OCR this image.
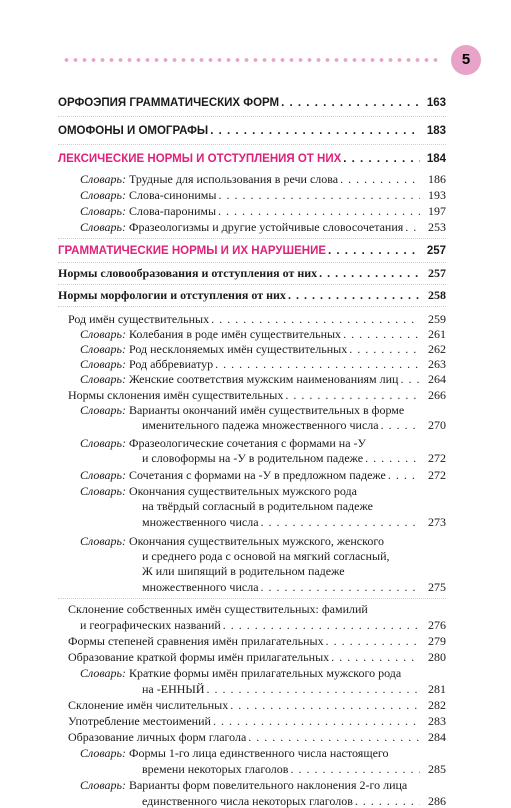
5
ОРФОЭПИЯ ГРАММАТИЧЕСКИХ ФОРМ . . .	163
ОМОФОНЫ И ОМОГРАФЫ . . .	183
ЛЕКСИЧЕСКИЕ НОРМЫ И ОТСТУПЛЕНИЯ ОТ НИХ . . .	184
Словарь:
Трудные для использования в речи слова . . .	186
Словарь:
Слова-синонимы . . .	193
Словарь:
Слова-паронимы . . .	197
Словарь:
Фразеологизмы и другие устойчивые словосочетания . . .	253
ГРАММАТИЧЕСКИЕ НОРМЫ И ИХ НАРУШЕНИЕ . . .	257
Нормы словообразования и отступления от них . . .	257
Нормы морфологии и отступления от них . . .	258
Род имён существительных . . .	259
Словарь:
Колебания в роде имён существительных . . .	261
Словарь:
Род несклоняемых имён существительных . . .	262
Словарь:
Род аббревиатур . . .	263
Словарь:
Женские соответствия мужским наименованиям лиц . . .	264
Нормы склонения имён существительных . . .	266
Словарь: Варианты окончаний имён существительных в форме
именительного падежа множественного числа . . .	270
Словарь: Фразеологические сочетания с формами на -У
и словоформы на -У в родительном падеже . . .	272
Словарь:
Сочетания с формами на -У в предложном падеже . . .	272
Словарь: Окончания существительных мужского рода
на твёрдый согласный в родительном падеже
множественного числа . . .	273
Словарь: Окончания существительных мужского, женского
и среднего рода с основой на мягкий согласный,
Ж или шипящий в родительном падеже
множественного числа . . .	275
Склонение собственных имён существительных: фамилий
и географических названий . . .	276
Формы степеней сравнения имён прилагательных . . .	279
Образование краткой формы имён прилагательных . . .	280
Словарь: Краткие формы имён прилагательных мужского рода
на -ЕННЫЙ . . .	281
Склонение имён числительных . . .	282
Употребление местоимений . . .	283
Образование личных форм глагола . . .	284
Словарь: Формы 1-го лица единственного числа настоящего
времени некоторых глаголов . . .	285
Словарь: Варианты форм повелительного наклонения 2-го лица
единственного числа некоторых глаголов . . .	286
